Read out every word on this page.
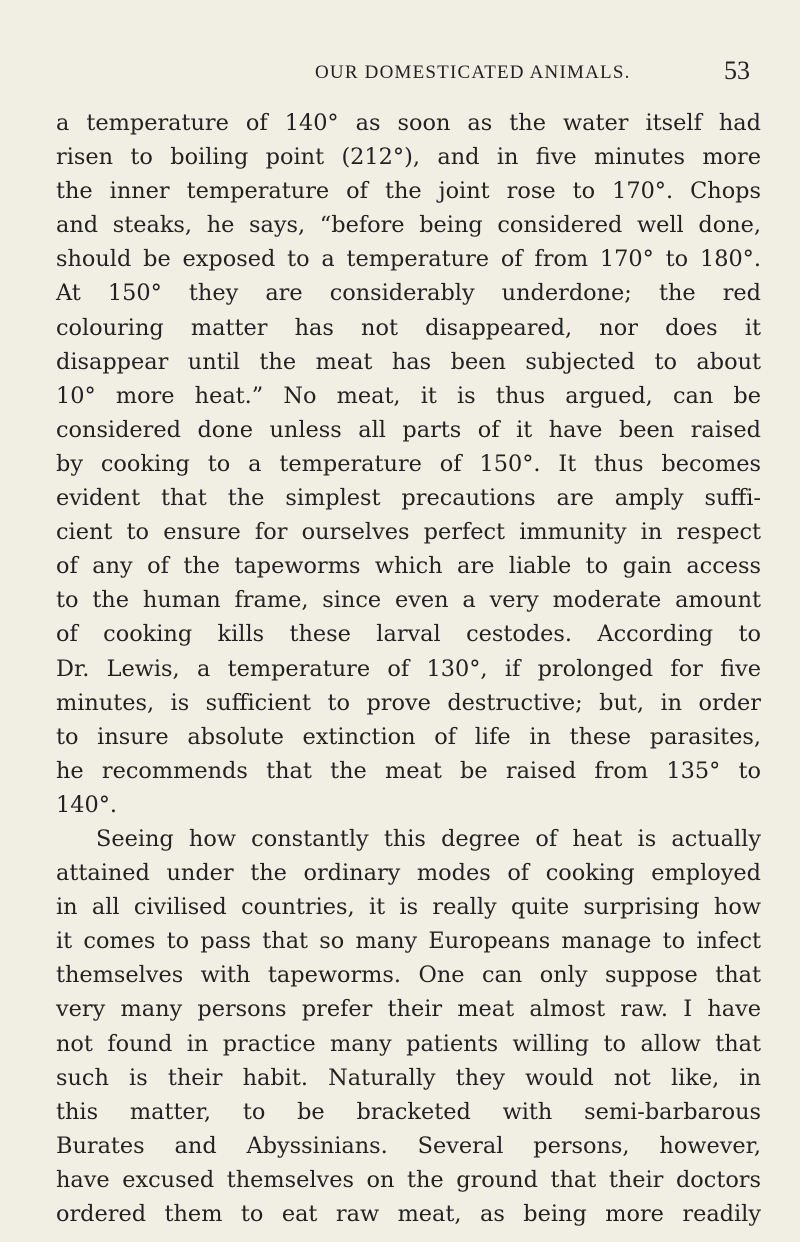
OUR DOMESTICATED ANIMALS.	53
a temperature of 140° as soon as the water itself had
risen to boiling point (212°), and in five minutes more
the inner temperature of the joint rose to 170°. Chops
and steaks, he says, “before being considered well done,
should be exposed to a temperature of from 170° to 180°.
At 150° they are considerably underdone; the red
colouring matter has not disappeared, nor does it
disappear until the meat has been subjected to about
10° more heat.” No meat, it is thus argued, can be
considered done unless all parts of it have been raised
by cooking to a temperature of 150°. It thus becomes
evident that the simplest precautions are amply suffi-
cient to ensure for ourselves perfect immunity in respect
of any of the tapeworms which are liable to gain access
to the human frame, since even a very moderate amount
of cooking kills these larval cestodes. According to
Dr. Lewis, a temperature of 130°, if prolonged for five
minutes, is sufficient to prove destructive; but, in order
to insure absolute extinction of life in these parasites,
he recommends that the meat be raised from 135° to
140°.
Seeing how constantly this degree of heat is actually
attained under the ordinary modes of cooking employed
in all civilised countries, it is really quite surprising how
it comes to pass that so many Europeans manage to infect
themselves with tapeworms. One can only suppose that
very many persons prefer their meat almost raw. I have
not found in practice many patients willing to allow that
such is their habit. Naturally they would not like, in
this matter, to be bracketed with semi-barbarous
Burates and Abyssinians. Several persons, however,
have excused themselves on the ground that their doctors
ordered them to eat raw meat, as being more readily
